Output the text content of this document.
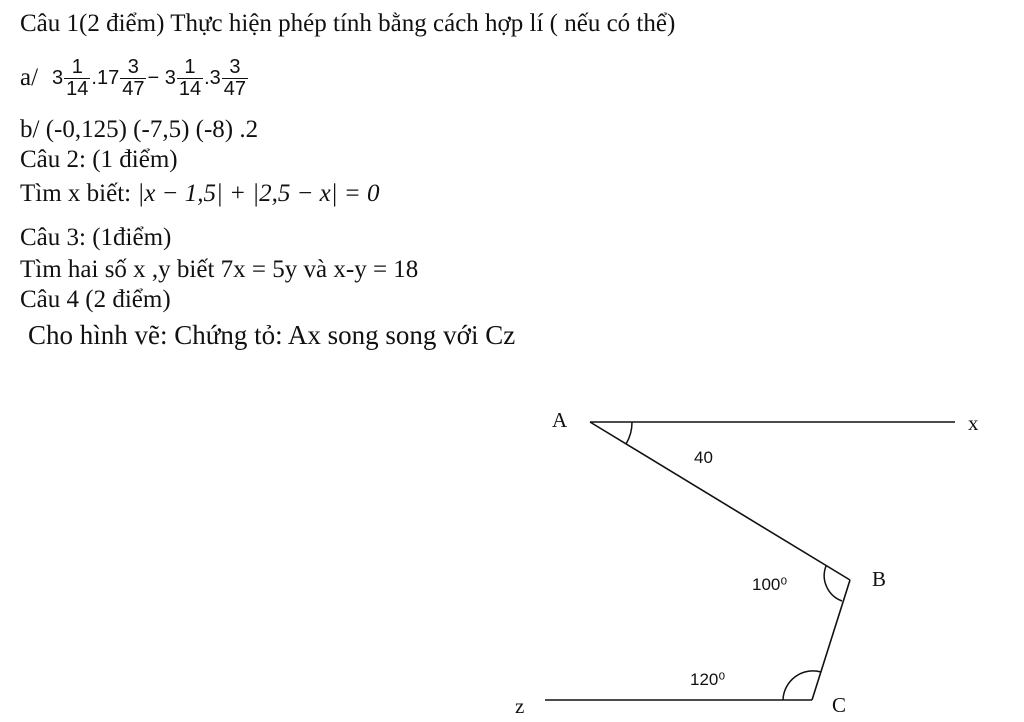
Câu 1(2 điểm) Thực hiện phép tính bằng cách hợp lí ( nếu có thể)
a/ $3 \frac{1}{14} .17 \frac{3}{47} - 3 \frac{1}{14} .3 \frac{3}{47}$
b/ (-0,125) (-7,5) (-8) .2
Câu 2: (1 điểm)
Tìm x biết: |x − 1,5| + |2,5 − x| = 0
Câu 3: (1điểm)
Tìm hai số x ,y biết 7x = 5y và x-y = 18
Câu 4 (2 điểm)
Cho hình vẽ: Chứng tỏ: Ax song song với Cz
A	x
B
C
z
40
100⁰
120⁰
